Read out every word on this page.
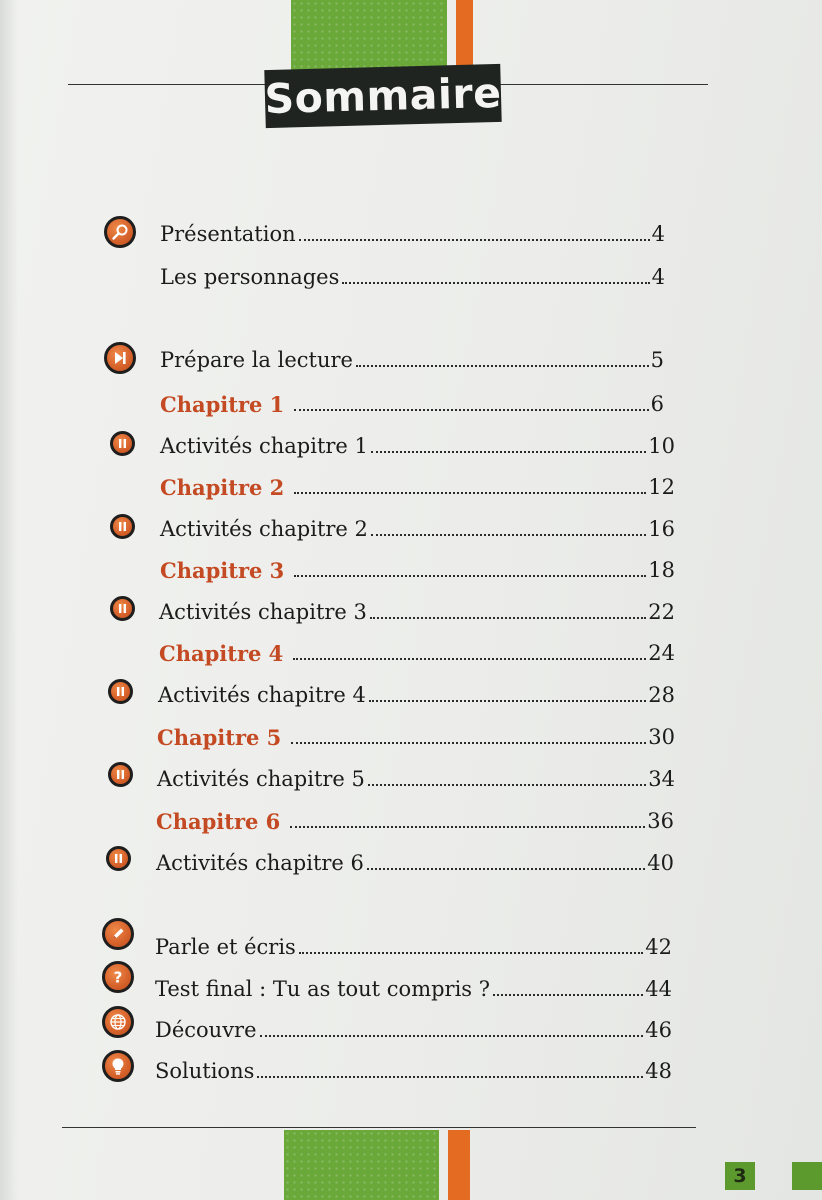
Sommaire
?
Présentation	4
Les personnages	4
Prépare la lecture	5
Chapitre 1	6
Activités chapitre 1	10
Chapitre 2	12
Activités chapitre 2	16
Chapitre 3	18
Activités chapitre 3	22
Chapitre 4	24
Activités chapitre 4	28
Chapitre 5	30
Activités chapitre 5	34
Chapitre 6	36
Activités chapitre 6	40
Parle et écris	42
Test final : Tu as tout compris ?	44
Découvre	46
Solutions	48
3
